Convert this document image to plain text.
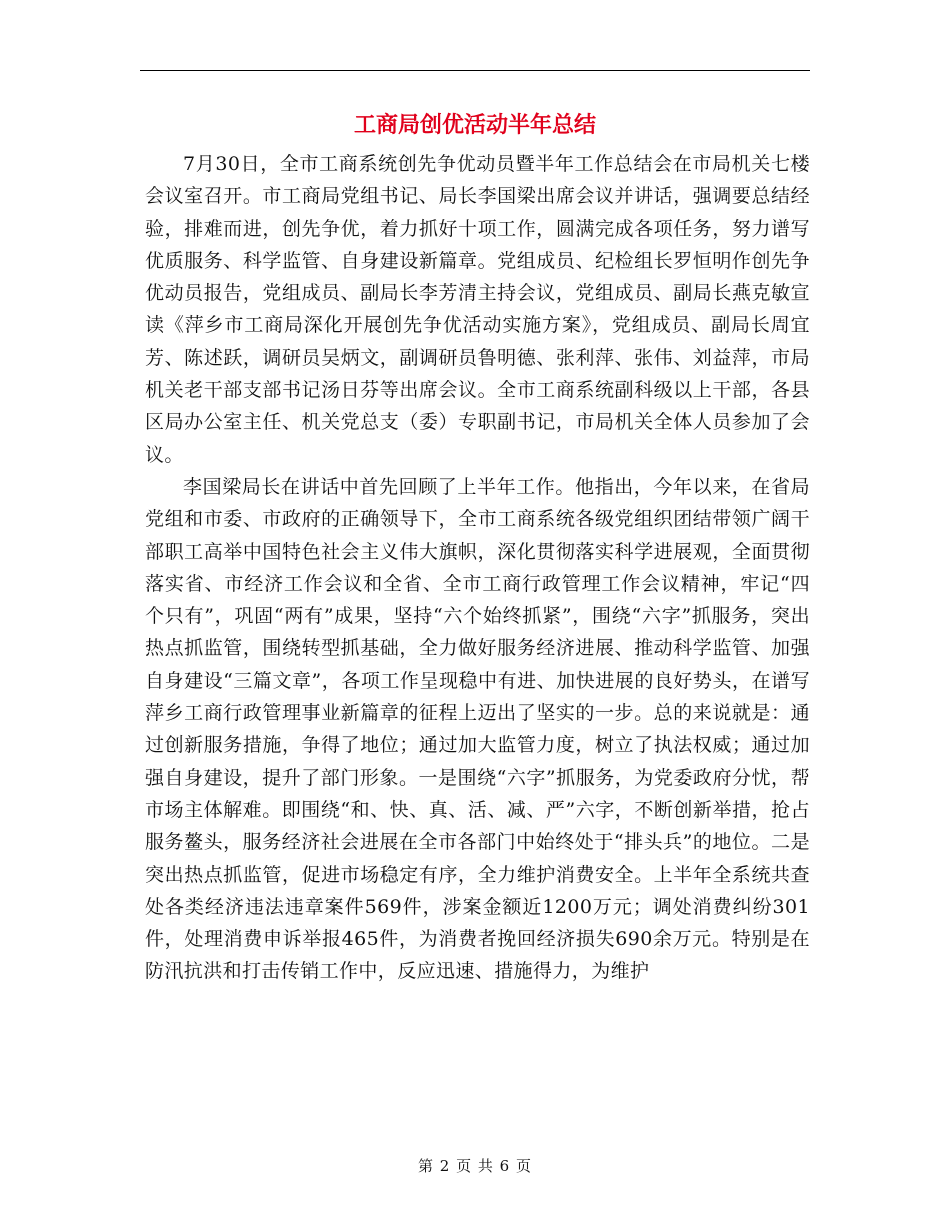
工商局创优活动半年总结

7月30日，全市工商系统创先争优动员暨半年工作总结会在市局机关七楼会议室召开。市工商局党组书记、局长李国梁出席会议并讲话，强调要总结经验，排难而进，创先争优，着力抓好十项工作，圆满完成各项任务，努力谱写优质服务、科学监管、自身建设新篇章。党组成员、纪检组长罗恒明作创先争优动员报告，党组成员、副局长李芳清主持会议，党组成员、副局长燕克敏宣读《萍乡市工商局深化开展创先争优活动实施方案》，党组成员、副局长周宜芳、陈述跃，调研员吴炳文，副调研员鲁明德、张利萍、张伟、刘益萍，市局机关老干部支部书记汤日芬等出席会议。全市工商系统副科级以上干部，各县区局办公室主任、机关党总支（委）专职副书记，市局机关全体人员参加了会议。

李国梁局长在讲话中首先回顾了上半年工作。他指出，今年以来，在省局党组和市委、市政府的正确领导下，全市工商系统各级党组织团结带领广阔干部职工高举中国特色社会主义伟大旗帜，深化贯彻落实科学进展观，全面贯彻落实省、市经济工作会议和全省、全市工商行政管理工作会议精神，牢记“四个只有”，巩固“两有”成果，坚持“六个始终抓紧”，围绕“六字”抓服务，突出热点抓监管，围绕转型抓基础，全力做好服务经济进展、推动科学监管、加强自身建设“三篇文章”，各项工作呈现稳中有进、加快进展的良好势头，在谱写萍乡工商行政管理事业新篇章的征程上迈出了坚实的一步。总的来说就是：通过创新服务措施，争得了地位；通过加大监管力度，树立了执法权威；通过加强自身建设，提升了部门形象。一是围绕“六字”抓服务，为党委政府分忧，帮市场主体解难。即围绕“和、快、真、活、减、严”六字，不断创新举措，抢占服务鳌头，服务经济社会进展在全市各部门中始终处于“排头兵”的地位。二是突出热点抓监管，促进市场稳定有序，全力维护消费安全。上半年全系统共查处各类经济违法违章案件569件，涉案金额近1200万元；调处消费纠纷301件，处理消费申诉举报465件，为消费者挽回经济损失690余万元。特别是在防汛抗洪和打击传销工作中，反应迅速、措施得力，为维护

第 2 页 共 6 页
